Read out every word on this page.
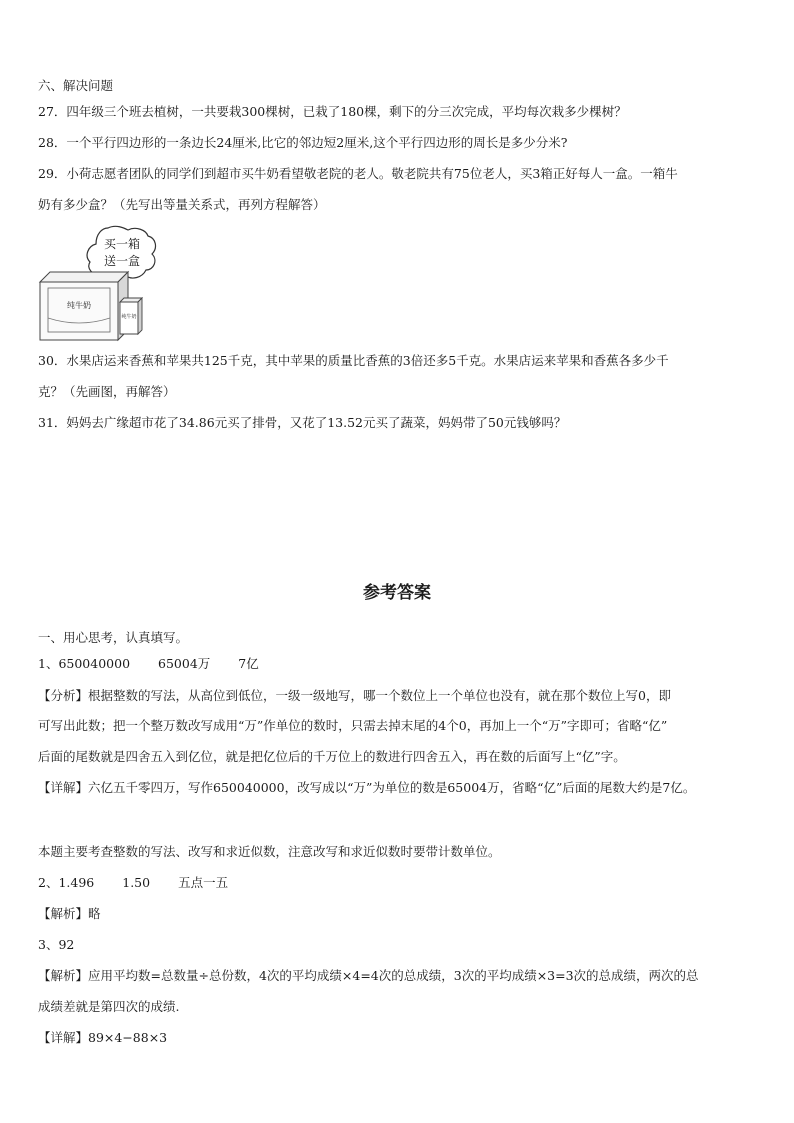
六、解决问题
27．四年级三个班去植树，一共要栽300棵树，已栽了180棵，剩下的分三次完成，平均每次栽多少棵树？
28．一个平行四边形的一条边长24厘米,比它的邻边短2厘米,这个平行四边形的周长是多少分米?
29．小荷志愿者团队的同学们到超市买牛奶看望敬老院的老人。敬老院共有75位老人，买3箱正好每人一盒。一箱牛
奶有多少盒？（先写出等量关系式，再列方程解答）
买一箱
送一盒
纯牛奶
纯牛奶
30．水果店运来香蕉和苹果共125千克，其中苹果的质量比香蕉的3倍还多5千克。水果店运来苹果和香蕉各多少千
克？（先画图，再解答）
31．妈妈去广缘超市花了34.86元买了排骨，又花了13.52元买了蔬菜，妈妈带了50元钱够吗？
参考答案
一、用心思考，认真填写。
1、650040000 65004万 7亿
【分析】根据整数的写法，从高位到低位，一级一级地写，哪一个数位上一个单位也没有，就在那个数位上写0，即
可写出此数；把一个整万数改写成用“万”作单位的数时，只需去掉末尾的4个0，再加上一个“万”字即可；省略“亿”
后面的尾数就是四舍五入到亿位，就是把亿位后的千万位上的数进行四舍五入，再在数的后面写上“亿”字。
【详解】六亿五千零四万，写作650040000，改写成以“万”为单位的数是65004万，省略“亿”后面的尾数大约是7亿。
本题主要考查整数的写法、改写和求近似数，注意改写和求近似数时要带计数单位。
2、1.496 1.50 五点一五
【解析】略
3、92
【解析】应用平均数=总数量÷总份数，4次的平均成绩×4=4次的总成绩，3次的平均成绩×3=3次的总成绩，两次的总
成绩差就是第四次的成绩.
【详解】89×4−88×3
